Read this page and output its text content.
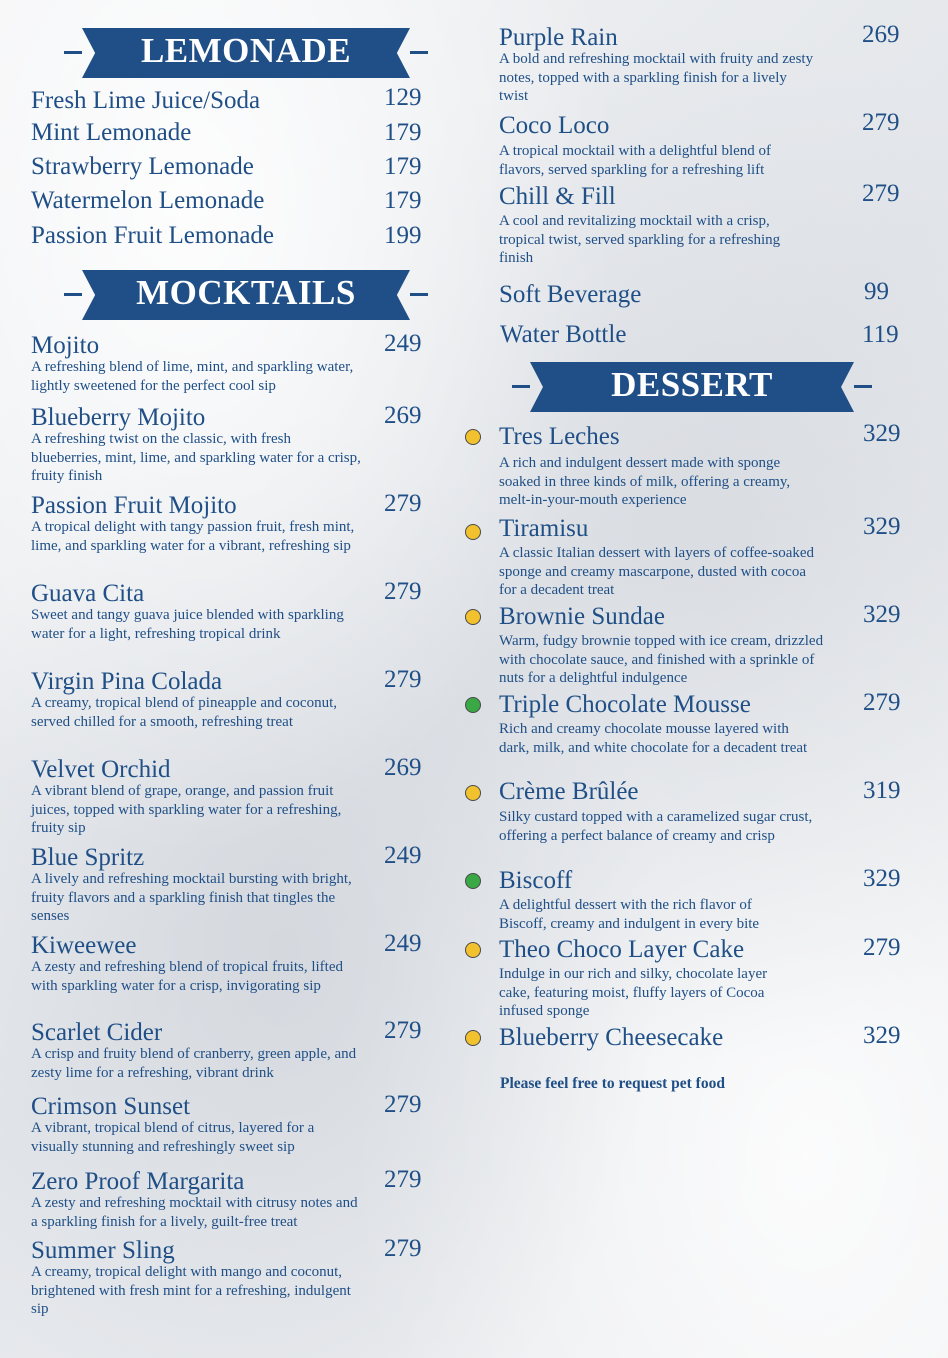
LEMONADE
Fresh Lime Juice/Soda	129
Mint Lemonade	179
Strawberry Lemonade	179
Watermelon Lemonade	179
Passion Fruit Lemonade	199
MOCKTAILS
Mojito	249
A refreshing blend of lime, mint, and sparkling water, lightly sweetened for the perfect cool sip
Blueberry Mojito	269
A refreshing twist on the classic, with fresh blueberries, mint, lime, and sparkling water for a crisp, fruity finish
Passion Fruit Mojito	279
A tropical delight with tangy passion fruit, fresh mint, lime, and sparkling water for a vibrant, refreshing sip
Guava Cita	279
Sweet and tangy guava juice blended with sparkling water for a light, refreshing tropical drink
Virgin Pina Colada	279
A creamy, tropical blend of pineapple and coconut, served chilled for a smooth, refreshing treat
Velvet Orchid	269
A vibrant blend of grape, orange, and passion fruit juices, topped with sparkling water for a refreshing, fruity sip
Blue Spritz	249
A lively and refreshing mocktail bursting with bright, fruity flavors and a sparkling finish that tingles the senses
Kiweewee	249
A zesty and refreshing blend of tropical fruits, lifted with sparkling water for a crisp, invigorating sip
Scarlet Cider	279
A crisp and fruity blend of cranberry, green apple, and zesty lime for a refreshing, vibrant drink
Crimson Sunset	279
A vibrant, tropical blend of citrus, layered for a visually stunning and refreshingly sweet sip
Zero Proof Margarita	279
A zesty and refreshing mocktail with citrusy notes and a sparkling finish for a lively, guilt-free treat
Summer Sling	279
A creamy, tropical delight with mango and coconut, brightened with fresh mint for a refreshing, indulgent sip
Purple Rain	269
A bold and refreshing mocktail with fruity and zesty notes, topped with a sparkling finish for a lively twist
Coco Loco	279
A tropical mocktail with a delightful blend of flavors, served sparkling for a refreshing lift
Chill & Fill	279
A cool and revitalizing mocktail with a crisp, tropical twist, served sparkling for a refreshing finish
Soft Beverage	99
Water Bottle	119
DESSERT
Tres Leches	329
A rich and indulgent dessert made with sponge soaked in three kinds of milk, offering a creamy, melt-in-your-mouth experience
Tiramisu	329
A classic Italian dessert with layers of coffee-soaked sponge and creamy mascarpone, dusted with cocoa for a decadent treat
Brownie Sundae	329
Warm, fudgy brownie topped with ice cream, drizzled with chocolate sauce, and finished with a sprinkle of nuts for a delightful indulgence
Triple Chocolate Mousse	279
Rich and creamy chocolate mousse layered with dark, milk, and white chocolate for a decadent treat
Crème Brûlée	319
Silky custard topped with a caramelized sugar crust, offering a perfect balance of creamy and crisp
Biscoff	329
A delightful dessert with the rich flavor of Biscoff, creamy and indulgent in every bite
Theo Choco Layer Cake	279
Indulge in our rich and silky, chocolate layer cake, featuring moist, fluffy layers of Cocoa infused sponge
Blueberry Cheesecake	329
Please feel free to request pet food
